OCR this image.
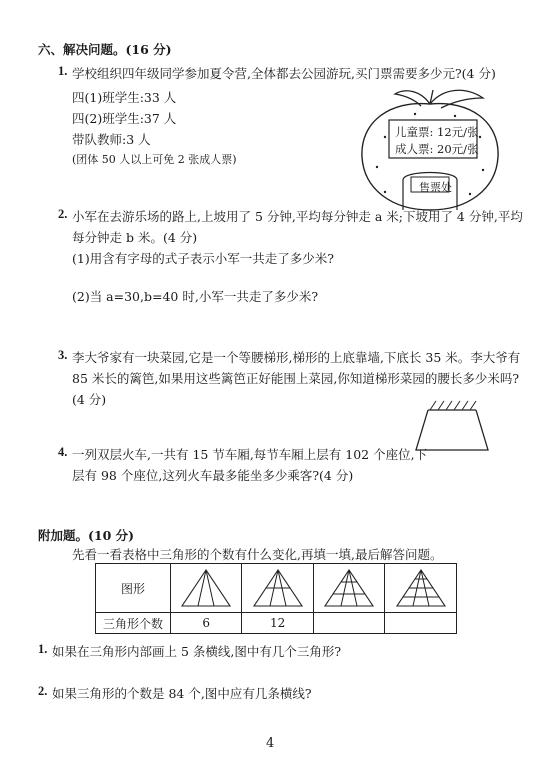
六、解决问题。(16 分)
1. 学校组织四年级同学参加夏令营,全体都去公园游玩,买门票需要多少元?(4 分)
四(1)班学生:33 人
四(2)班学生:37 人
带队教师:3 人
(团体 50 人以上可免 2 张成人票)
儿童票: 12元/张
成人票: 20元/张
售票处
2. 小军在去游乐场的路上,上坡用了 5 分钟,平均每分钟走 a 米;下坡用了 4 分钟,平均
每分钟走 b 米。(4 分)
(1)用含有字母的式子表示小军一共走了多少米?
(2)当 a=30,b=40 时,小军一共走了多少米?
3. 李大爷家有一块菜园,它是一个等腰梯形,梯形的上底靠墙,下底长 35 米。李大爷有
85 米长的篱笆,如果用这些篱笆正好能围上菜园,你知道梯形菜园的腰长多少米吗?
(4 分)
4. 一列双层火车,一共有 15 节车厢,每节车厢上层有 102 个座位,下
层有 98 个座位,这列火车最多能坐多少乘客?(4 分)
附加题。(10 分)
先看一看表格中三角形的个数有什么变化,再填一填,最后解答问题。
图形	

三角形个数	6	12		
1. 如果在三角形内部画上 5 条横线,图中有几个三角形?
2. 如果三角形的个数是 84 个,图中应有几条横线?
4
